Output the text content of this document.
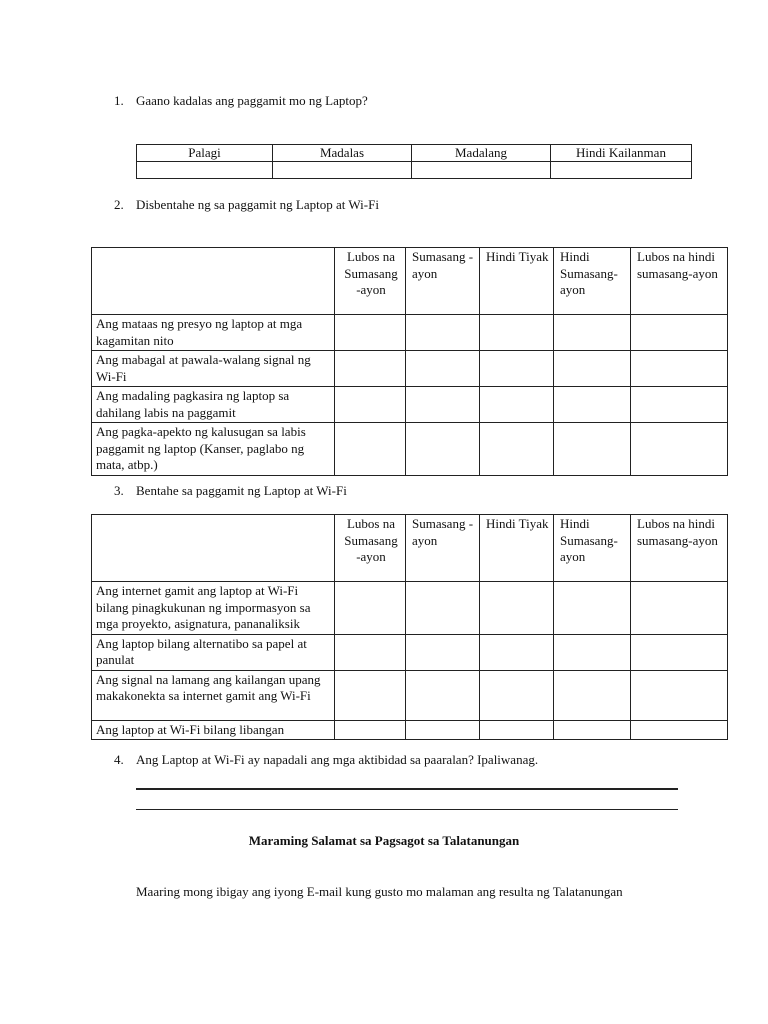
1. Gaano kadalas ang paggamit mo ng Laptop?
Palagi	Madalas	Madalang	Hindi Kailanman

2. Disbentahe ng sa paggamit ng Laptop at Wi-Fi
	Lubos na Sumasang -ayon	Sumasang -ayon	Hindi Tiyak	Hindi Sumasang-ayon	Lubos na hindi sumasang-ayon
Ang mataas ng presyo ng laptop at mga kagamitan nito					
Ang mabagal at pawala-walang signal ng Wi-Fi					
Ang madaling pagkasira ng laptop sa dahilang labis na paggamit					
Ang pagka-apekto ng kalusugan sa labis paggamit ng laptop (Kanser, paglabo ng mata, atbp.)					
3. Bentahe sa paggamit ng Laptop at Wi-Fi
	Lubos na Sumasang -ayon	Sumasang -ayon	Hindi Tiyak	Hindi Sumasang-ayon	Lubos na hindi sumasang-ayon
Ang internet gamit ang laptop at Wi-Fi bilang pinagkukunan ng impormasyon sa mga proyekto, asignatura, pananaliksik					
Ang laptop bilang alternatibo sa papel at panulat					
Ang signal na lamang ang kailangan upang makakonekta sa internet gamit ang Wi-Fi					
Ang laptop at Wi-Fi bilang libangan					
4. Ang Laptop at Wi-Fi ay napadali ang mga aktibidad sa paaralan? Ipaliwanag.
Maraming Salamat sa Pagsagot sa Talatanungan
Maaring mong ibigay ang iyong E-mail kung gusto mo malaman ang resulta ng Talatanungan
